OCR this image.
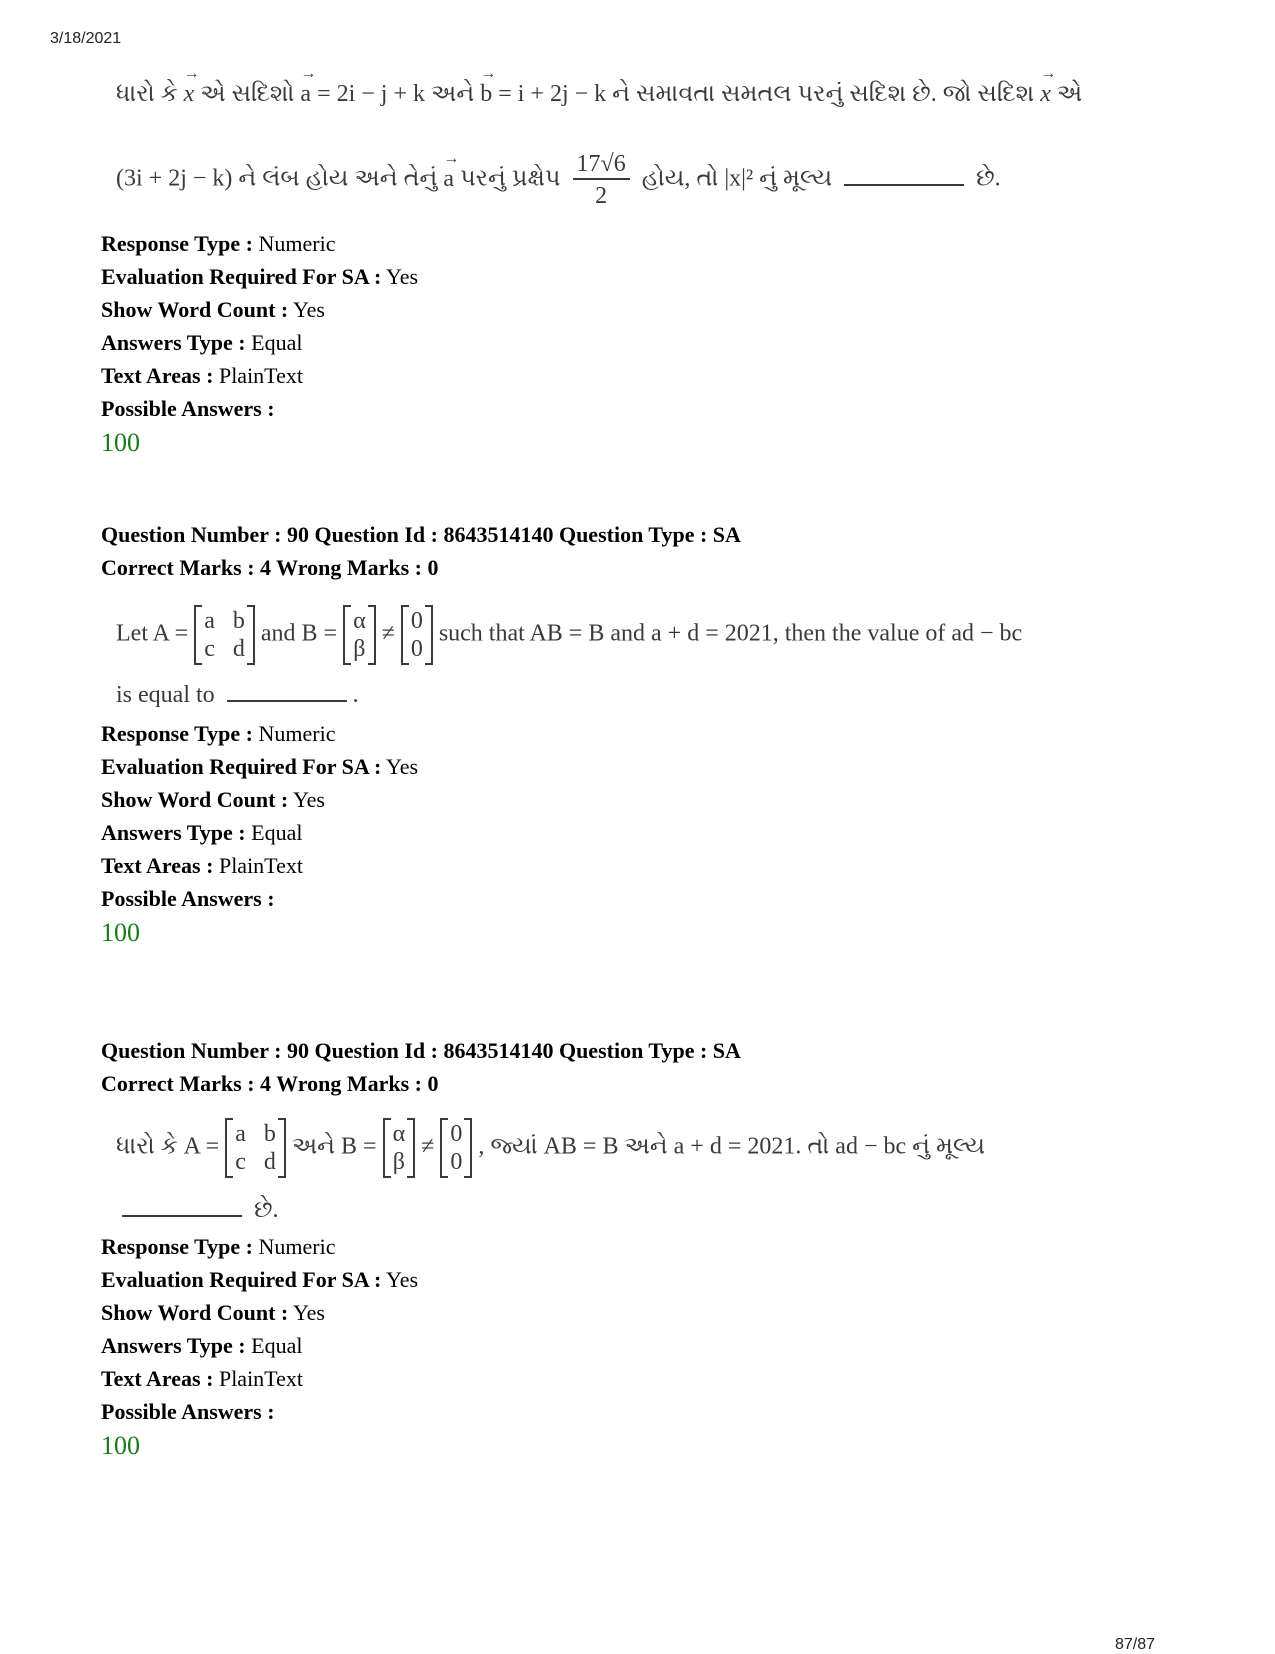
3/18/2021
ધારો કે → x એ સદિશો → a = 2i − j + k અને → b = i + 2j − k ને સમાવતા સમતલ પરનું સદિશ છે. જો સદિશ → x એ
(3i + 2j − k) ને લંબ હોય અને તેનું → a પરનું પ્રક્ષેપ $\frac{17√6}{2}$ હોય, તો |x|² નું મૂલ્ય	છે.
Response Type : Numeric
Evaluation Required For SA : Yes
Show Word Count : Yes
Answers Type : Equal
Text Areas : PlainText
Possible Answers :
100
Question Number : 90 Question Id : 8643514140 Question Type : SA
Correct Marks : 4 Wrong Marks : 0
Let A = a b
c d
and B = α
β
≠ 0
0
such that AB = B and a + d = 2021, then the value of ad − bc
is equal to	.
Response Type : Numeric
Evaluation Required For SA : Yes
Show Word Count : Yes
Answers Type : Equal
Text Areas : PlainText
Possible Answers :
100
Question Number : 90 Question Id : 8643514140 Question Type : SA
Correct Marks : 4 Wrong Marks : 0
ધારો કે A = a b
c d
અને B = α
β
≠ 0
0
, જ્યાં AB = B અને a + d = 2021. તો ad − bc નું મૂલ્ય
છે.
Response Type : Numeric
Evaluation Required For SA : Yes
Show Word Count : Yes
Answers Type : Equal
Text Areas : PlainText
Possible Answers :
100
87/87
